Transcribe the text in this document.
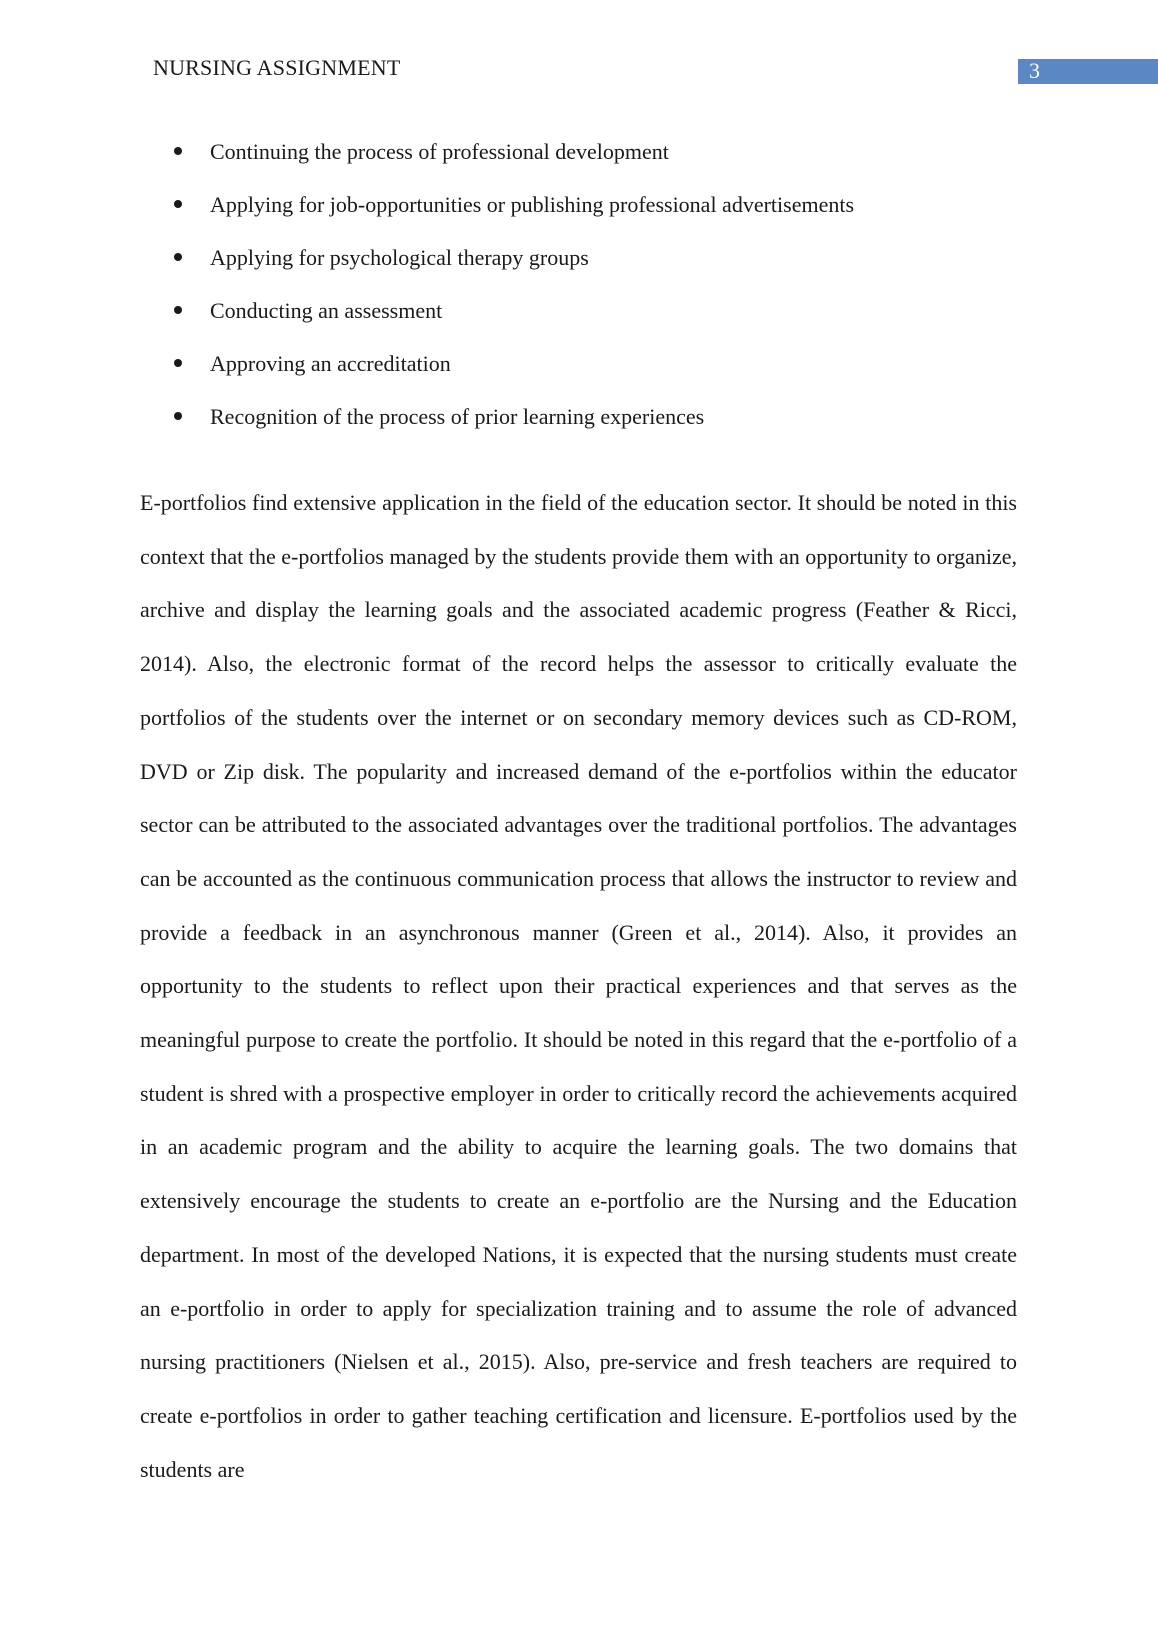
NURSING ASSIGNMENT	3
Continuing the process of professional development
Applying for job-opportunities or publishing professional advertisements
Applying for psychological therapy groups
Conducting an assessment
Approving an accreditation
Recognition of the process of prior learning experiences

E-portfolios find extensive application in the field of the education sector. It should be noted in this context that the e-portfolios managed by the students provide them with an opportunity to organize, archive and display the learning goals and the associated academic progress (Feather & Ricci, 2014). Also, the electronic format of the record helps the assessor to critically evaluate the portfolios of the students over the internet or on secondary memory devices such as CD-ROM, DVD or Zip disk. The popularity and increased demand of the e-portfolios within the educator sector can be attributed to the associated advantages over the traditional portfolios. The advantages can be accounted as the continuous communication process that allows the instructor to review and provide a feedback in an asynchronous manner (Green et al., 2014). Also, it provides an opportunity to the students to reflect upon their practical experiences and that serves as the meaningful purpose to create the portfolio. It should be noted in this regard that the e-portfolio of a student is shred with a prospective employer in order to critically record the achievements acquired in an academic program and the ability to acquire the learning goals. The two domains that extensively encourage the students to create an e-portfolio are the Nursing and the Education department. In most of the developed Nations, it is expected that the nursing students must create an e-portfolio in order to apply for specialization training and to assume the role of advanced nursing practitioners (Nielsen et al., 2015). Also, pre-service and fresh teachers are required to create e-portfolios in order to gather teaching certification and licensure. E-portfolios used by the students are
